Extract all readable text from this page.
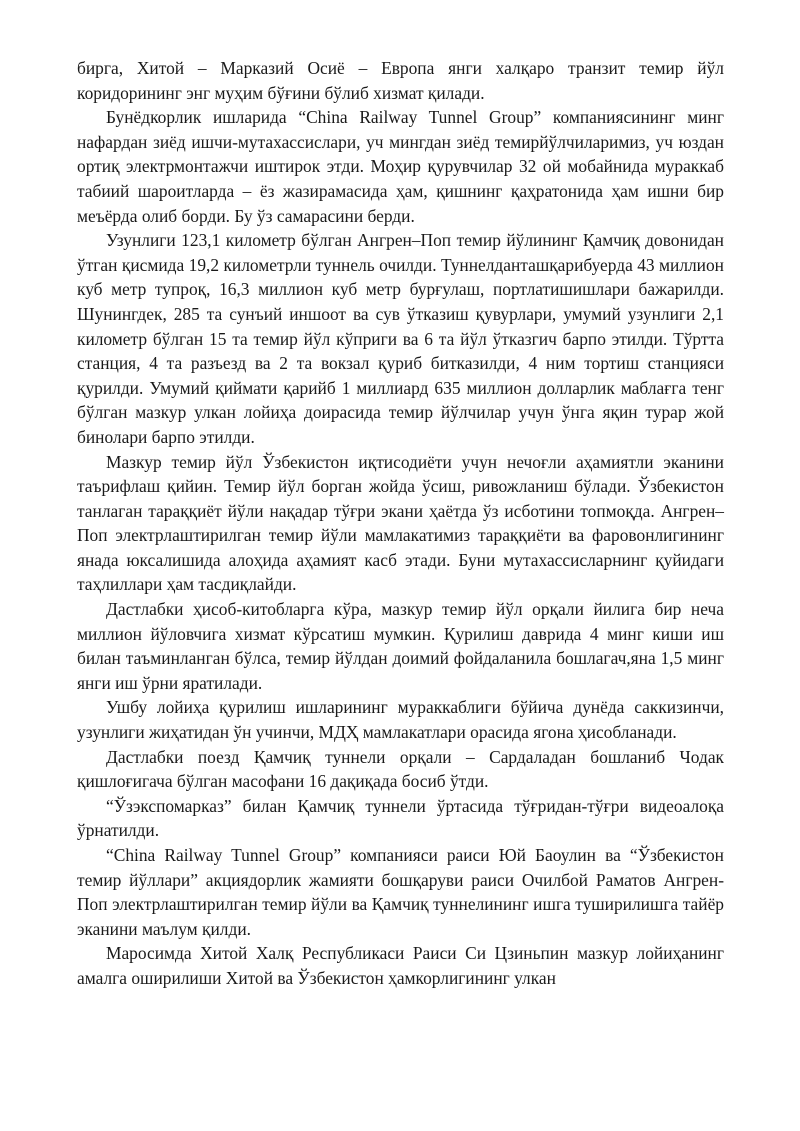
бирга, Хитой – Марказий Осиё – Европа янги халқаро транзит темир йўл коридорининг энг муҳим бўғини бўлиб хизмат қилади.

Бунёдкорлик ишларида “China Railway Tunnel Group” компаниясининг минг нафардан зиёд ишчи-мутахассислари, уч мингдан зиёд темирйўлчиларимиз, уч юздан ортиқ электрмонтажчи иштирок этди. Моҳир қурувчилар 32 ой мобайнида мураккаб табиий шароитларда – ёз жазирамасида ҳам, қишнинг қаҳратонида ҳам ишни бир меъёрда олиб борди. Бу ўз самарасини берди.

Узунлиги 123,1 километр бўлган Ангрен–Поп темир йўлининг Қамчиқ довонидан ўтган қисмида 19,2 километрли туннель очилди. Туннелданташқарибуерда 43 миллион куб метр тупроқ, 16,3 миллион куб метр бурғулаш, портлатишишлари бажарилди. Шунингдек, 285 та сунъий иншоот ва сув ўтказиш қувурлари, умумий узунлиги 2,1 километр бўлган 15 та темир йўл кўприги ва 6 та йўл ўтказгич барпо этилди. Тўртта станция, 4 та разъезд ва 2 та вокзал қуриб битказилди, 4 ним тортиш станцияси қурилди. Умумий қиймати қарийб 1 миллиард 635 миллион долларлик маблағга тенг бўлган мазкур улкан лойиҳа доирасида темир йўлчилар учун ўнга яқин турар жой бинолари барпо этилди.

Мазкур темир йўл Ўзбекистон иқтисодиёти учун нечоғли аҳамиятли эканини таърифлаш қийин. Темир йўл борган жойда ўсиш, ривожланиш бўлади. Ўзбекистон танлаган тараққиёт йўли нақадар тўғри экани ҳаётда ўз исботини топмоқда. Ангрен–Поп электрлаштирилган темир йўли мамлакатимиз тараққиёти ва фаровонлигининг янада юксалишида алоҳида аҳамият касб этади. Буни мутахассисларнинг қуйидаги таҳлиллари ҳам тасдиқлайди.

Дастлабки ҳисоб-китобларга кўра, мазкур темир йўл орқали йилига бир неча миллион йўловчига хизмат кўрсатиш мумкин. Қурилиш даврида 4 минг киши иш билан таъминланган бўлса, темир йўлдан доимий фойдаланила бошлагач,яна 1,5 минг янги иш ўрни яратилади.

Ушбу лойиҳа қурилиш ишларининг мураккаблиги бўйича дунёда саккизинчи, узунлиги жиҳатидан ўн учинчи, МДҲ мамлакатлари орасида ягона ҳисобланади.

Дастлабки поезд Қамчиқ туннели орқали – Сардаладан бошланиб Чодак қишлоғигача бўлган масофани 16 дақиқада босиб ўтди.

“Ўзэкспомарказ” билан Қамчиқ туннели ўртасида тўғридан-тўғри видеоалоқа ўрнатилди.

“China Railway Tunnel Group” компанияси раиси Юй Баоулин ва “Ўзбекистон темир йўллари” акциядорлик жамияти бошқаруви раиси Очилбой Раматов Ангрен-Поп электрлаштирилган темир йўли ва Қамчиқ туннелининг ишга туширилишга тайёр эканини маълум қилди.

Маросимда Хитой Халқ Республикаси Раиси Си Цзиньпин мазкур лойиҳанинг амалга оширилиши Хитой ва Ўзбекистон ҳамкорлигининг улкан
